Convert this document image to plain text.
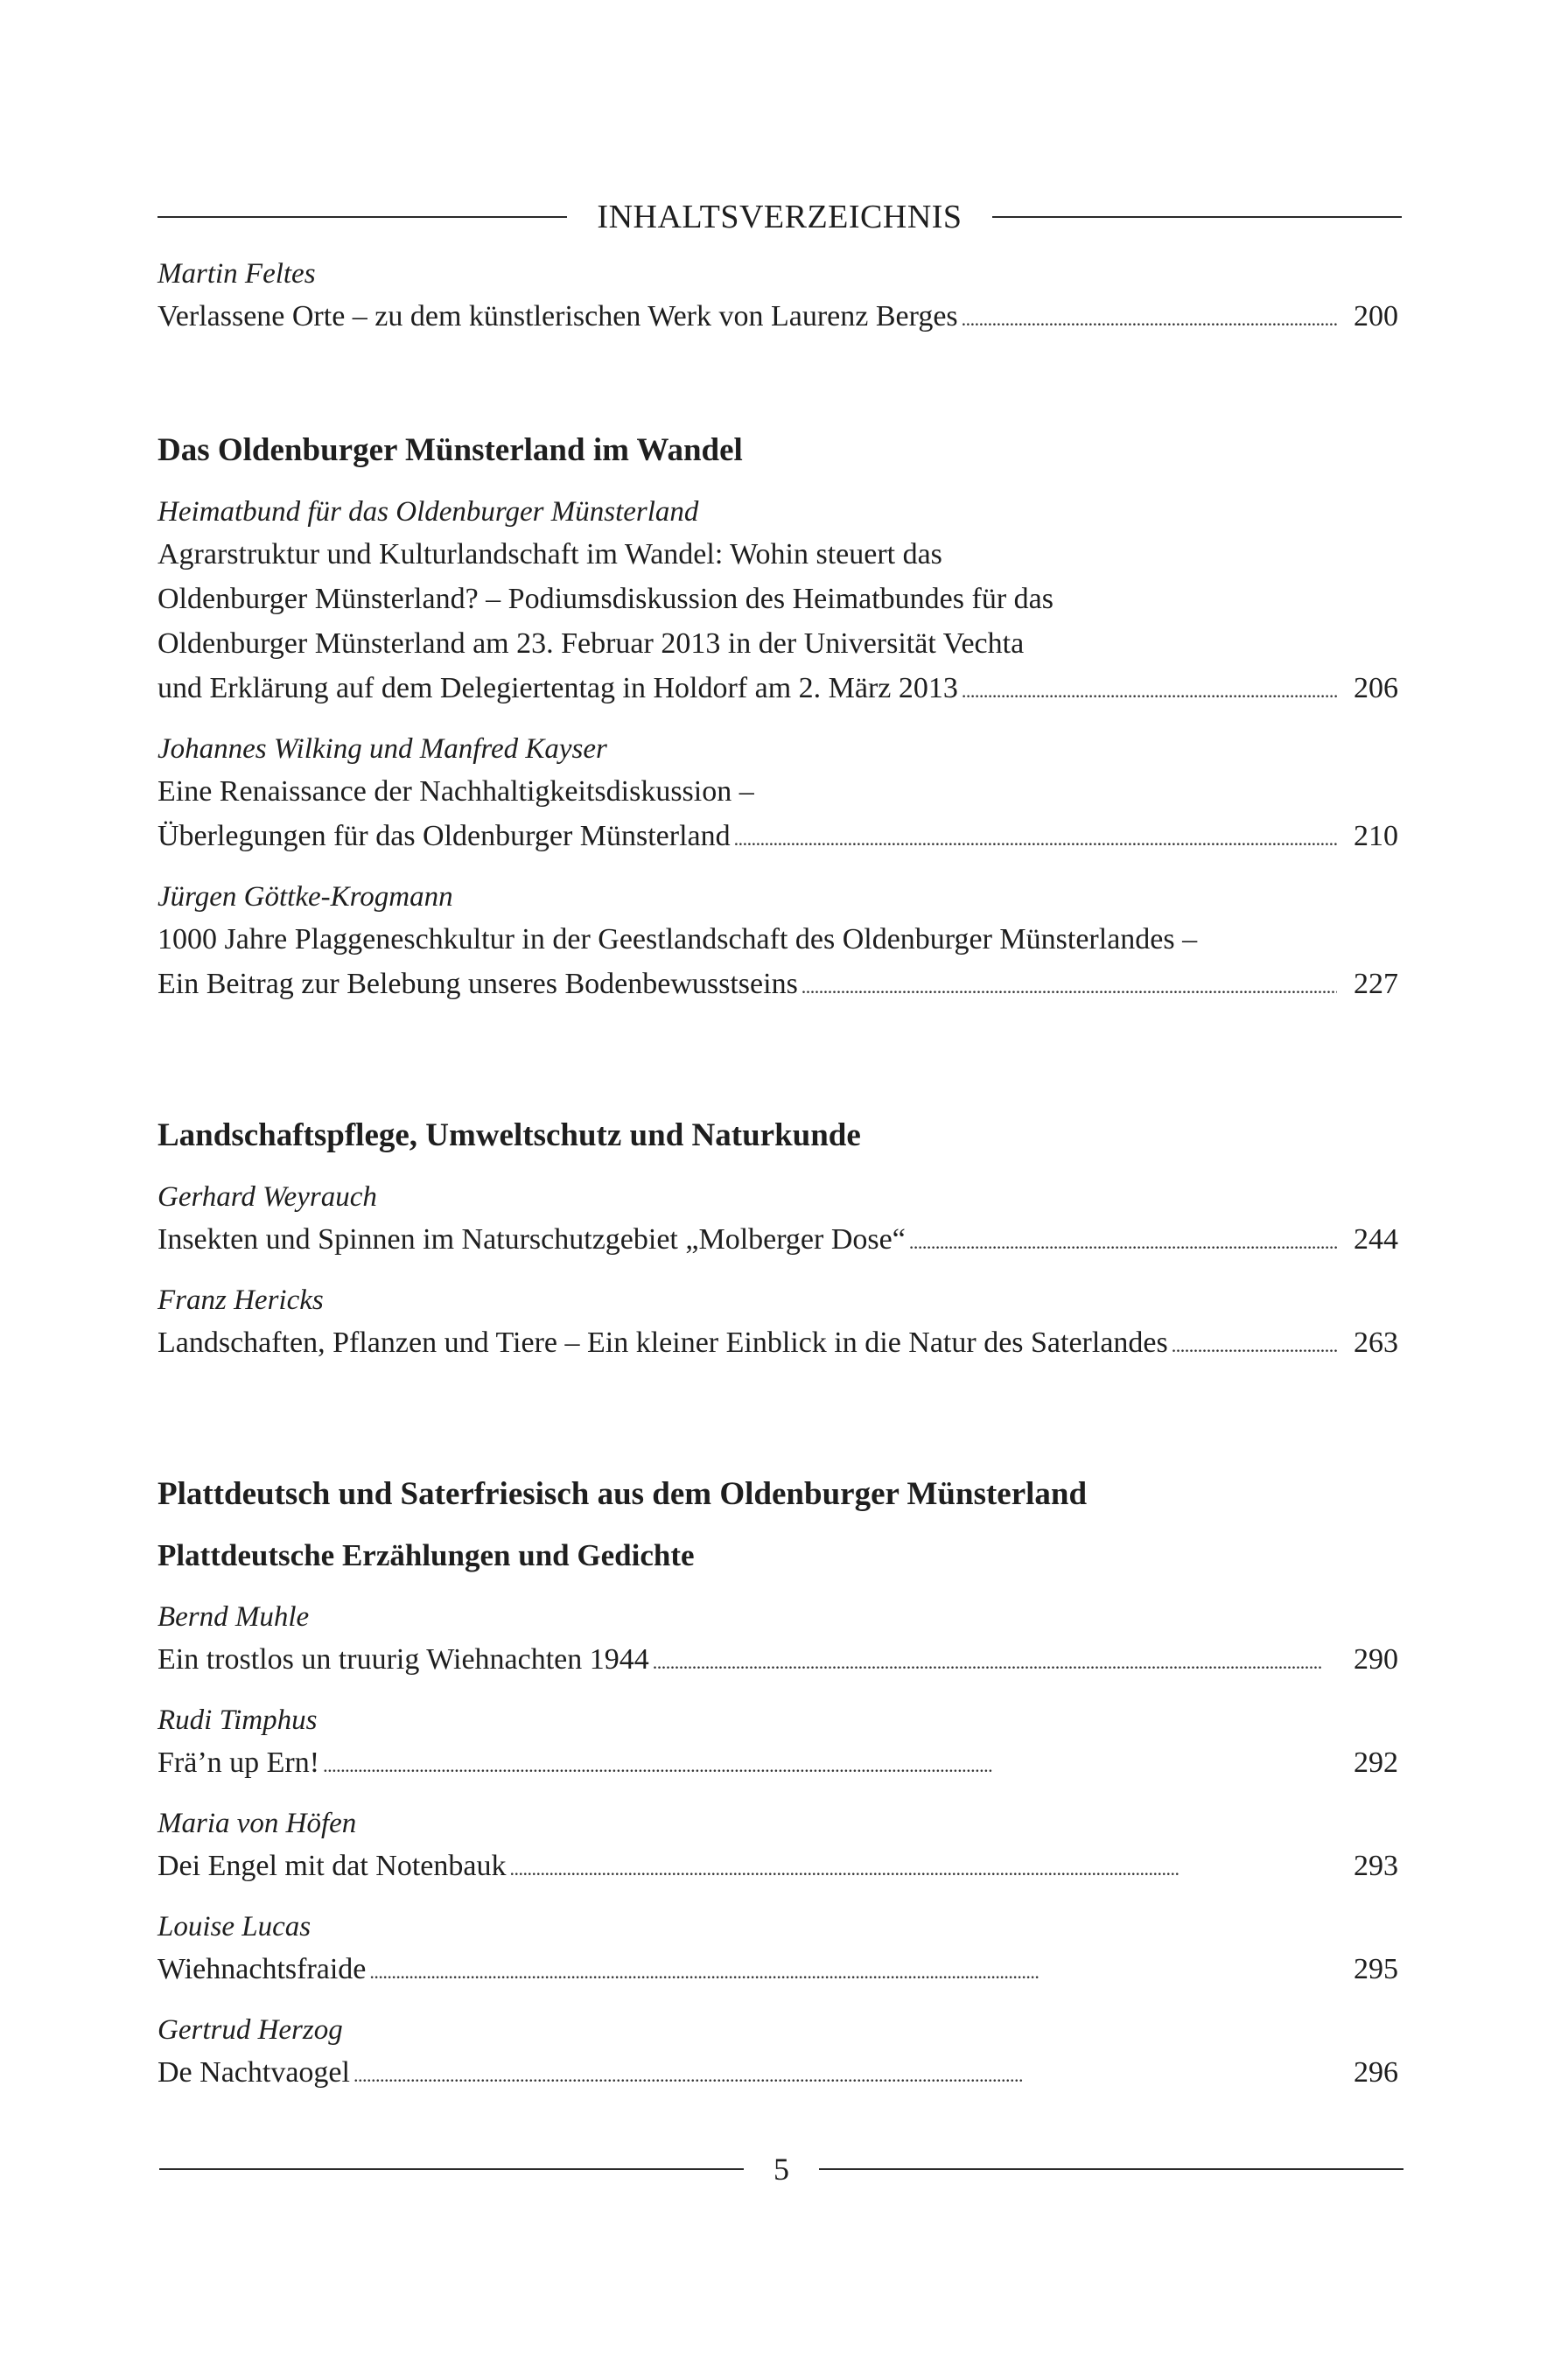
INHALTSVERZEICHNIS
Martin Feltes
Verlassene Orte – zu dem künstlerischen Werk von Laurenz Berges . . .	200
Das Oldenburger Münsterland im Wandel
Heimatbund für das Oldenburger Münsterland
Agrarstruktur und Kulturlandschaft im Wandel: Wohin steuert das
Oldenburger Münsterland? – Podiumsdiskussion des Heimatbundes für das
Oldenburger Münsterland am 23. Februar 2013 in der Universität Vechta
und Erklärung auf dem Delegiertentag in Holdorf am 2. März 2013 . . .	206
Johannes Wilking und Manfred Kayser
Eine Renaissance der Nachhaltigkeitsdiskussion –
Überlegungen für das Oldenburger Münsterland . . .	210
Jürgen Göttke-Krogmann
1000 Jahre Plaggeneschkultur in der Geestlandschaft des Oldenburger Münsterlandes –
Ein Beitrag zur Belebung unseres Bodenbewusstseins . . .	227
Landschaftspflege, Umweltschutz und Naturkunde
Gerhard Weyrauch
Insekten und Spinnen im Naturschutzgebiet „Molberger Dose“ . . .	244
Franz Hericks
Landschaften, Pflanzen und Tiere – Ein kleiner Einblick in die Natur des Saterlandes . . .	263
Plattdeutsch und Saterfriesisch aus dem Oldenburger Münsterland
Plattdeutsche Erzählungen und Gedichte
Bernd Muhle
Ein trostlos un truurig Wiehnachten 1944 . . .	290
Rudi Timphus
Frä’n up Ern! . . .	292
Maria von Höfen
Dei Engel mit dat Notenbauk . . .	293
Louise Lucas
Wiehnachtsfraide . . .	295
Gertrud Herzog
De Nachtvaogel . . .	296
5
